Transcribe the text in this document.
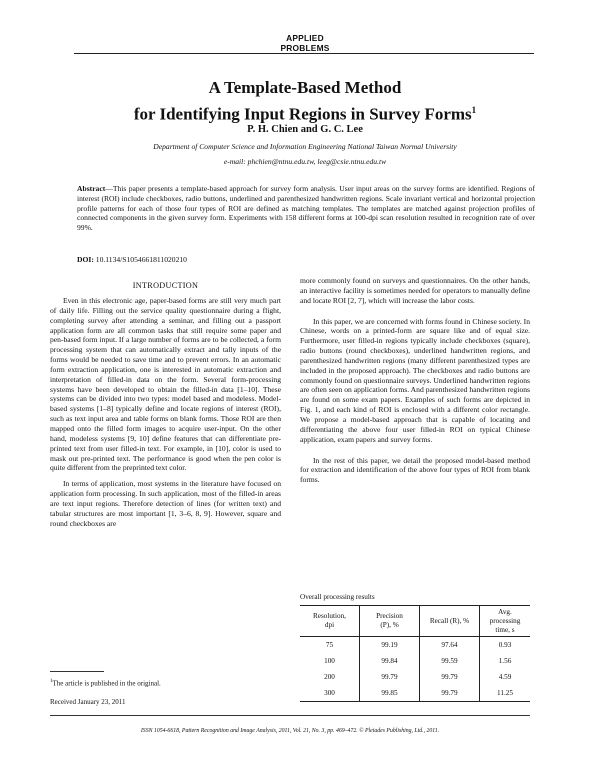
APPLIED
PROBLEMS
A Template-Based Method
for Identifying Input Regions in Survey Forms$^1$
P. H. Chien and G. C. Lee
Department of Computer Science and Information Engineering National Taiwan Normal University
e-mail: phchien@ntnu.edu.tw, leeg@csie.ntnu.edu.tw
Abstract—This paper presents a template-based approach for survey form analysis. User input areas on the survey forms are identified. Regions of interest (ROI) include checkboxes, radio buttons, underlined and parenthesized handwritten regions. Scale invariant vertical and horizontal projection profile patterns for each of those four types of ROI are defined as matching templates. The templates are matched against projection profiles of connected components in the given survey form. Experiments with 158 different forms at 100-dpi scan resolution resulted in recognition rate of over 99%.
DOI: 10.1134/S1054661811020210
INTRODUCTION

Even in this electronic age, paper-based forms are still very much part of daily life. Filling out the service quality questionnaire during a flight, completing survey after attending a seminar, and filling out a passport application form are all common tasks that still require some paper and pen-based form input. If a large number of forms are to be collected, a form processing system that can automatically extract and tally inputs of the forms would be needed to save time and to prevent errors. In an automatic form extraction application, one is interested in automatic extraction and interpretation of filled-in data on the form. Several form-processing systems have been developed to obtain the filled-in data [1–10]. These systems can be divided into two types: model based and modeless. Model-based systems [1–8] typically define and locate regions of interest (ROI), such as text input area and table forms on blank forms. Those ROI are then mapped onto the filled form images to acquire user-input. On the other hand, modeless systems [9, 10] define features that can differentiate pre-printed text from user filled-in text. For example, in [10], color is used to mask out pre-printed text. The performance is good when the pen color is quite different from the preprinted text color.

In terms of application, most systems in the literature have focused on application form processing. In such application, most of the filled-in areas are text input regions. Therefore detection of lines (for written text) and tabular structures are most important [1, 3–6, 8, 9]. However, square and round checkboxes are

more commonly found on surveys and questionnaires. On the other hands, an interactive facility is sometimes needed for operators to manually define and locate ROI [2, 7], which will increase the labor costs.

In this paper, we are concerned with forms found in Chinese society. In Chinese, words on a printed-form are square like and of equal size. Furthermore, user filled-in regions typically include checkboxes (square), radio buttons (round checkboxes), underlined handwritten regions, and parenthesized handwritten regions (many different parenthesized types are included in the proposed approach). The checkboxes and radio buttons are commonly found on questionnaire surveys. Underlined handwritten regions are often seen on application forms. And parenthesized handwritten regions are found on some exam papers. Examples of such forms are depicted in Fig. 1, and each kind of ROI is enclosed with a different color rectangle. We propose a model-based approach that is capable of locating and differentiating the above four user filled-in ROI on typical Chinese application, exam papers and survey forms.

In the rest of this paper, we detail the proposed model-based method for extraction and identification of the above four types of ROI from blank forms.

Overall processing results
Resolution,
dpi	Precision
(P), %	Recall (R), %	Avg. processing
time, s
75	99.19	97.64	0.93
100	99.84	99.59	1.56
200	99.79	99.79	4.59
300	99.85	99.79	11.25
$^1$The article is published in the original.
Received January 23, 2011
ISSN 1054-6618, Pattern Recognition and Image Analysis, 2011, Vol. 21, No. 3, pp. 469–472. © Pleiades Publishing, Ltd., 2011.
